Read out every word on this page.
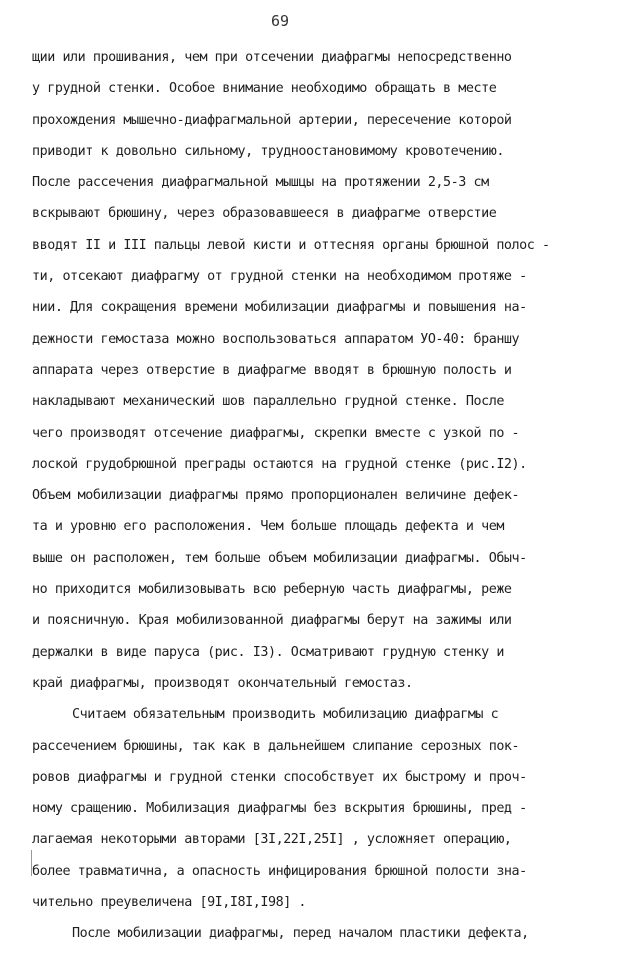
69
щии или прошивания, чем при отсечении диафрагмы непосредственно
у грудной стенки. Особое внимание необходимо обращать в месте
прохождения мышечно-диафрагмальной артерии, пересечение которой
приводит к довольно сильному, трудноостановимому кровотечению.
После рассечения диафрагмальной мышцы на протяжении 2,5-3 см
вскрывают брюшину, через образовавшееся в диафрагме отверстие
вводят II и III пальцы левой кисти и оттесняя органы брюшной полос -
ти, отсекают диафрагму от грудной стенки на необходимом протяже -
нии. Для сокращения времени мобилизации диафрагмы и повышения на-
дежности гемостаза можно воспользоваться аппаратом УО-40: браншу
аппарата через отверстие в диафрагме вводят в брюшную полость и
накладывают механический шов параллельно грудной стенке. После
чего производят отсечение диафрагмы, скрепки вместе с узкой по -
лоской грудобрюшной преграды остаются на грудной стенке (рис.I2).
Объем мобилизации диафрагмы прямо пропорционален величине дефек-
та и уровню его расположения. Чем больше площадь дефекта и чем
выше он расположен, тем больше объем мобилизации диафрагмы. Обыч-
но приходится мобилизовывать всю реберную часть диафрагмы, реже
и поясничную. Края мобилизованной диафрагмы берут на зажимы или
держалки в виде паруса (рис. I3). Осматривают грудную стенку и
край диафрагмы, производят окончательный гемостаз.
Считаем обязательным производить мобилизацию диафрагмы с
рассечением брюшины, так как в дальнейшем слипание серозных пок-
ровов диафрагмы и грудной стенки способствует их быстрому и проч-
ному сращению. Мобилизация диафрагмы без вскрытия брюшины, пред -
лагаемая некоторыми авторами [3I,22I,25I] , усложняет операцию,
более травматична, а опасность инфицирования брюшной полости зна-
чительно преувеличена [9I,I8I,I98] .
После мобилизации диафрагмы, перед началом пластики дефекта,
